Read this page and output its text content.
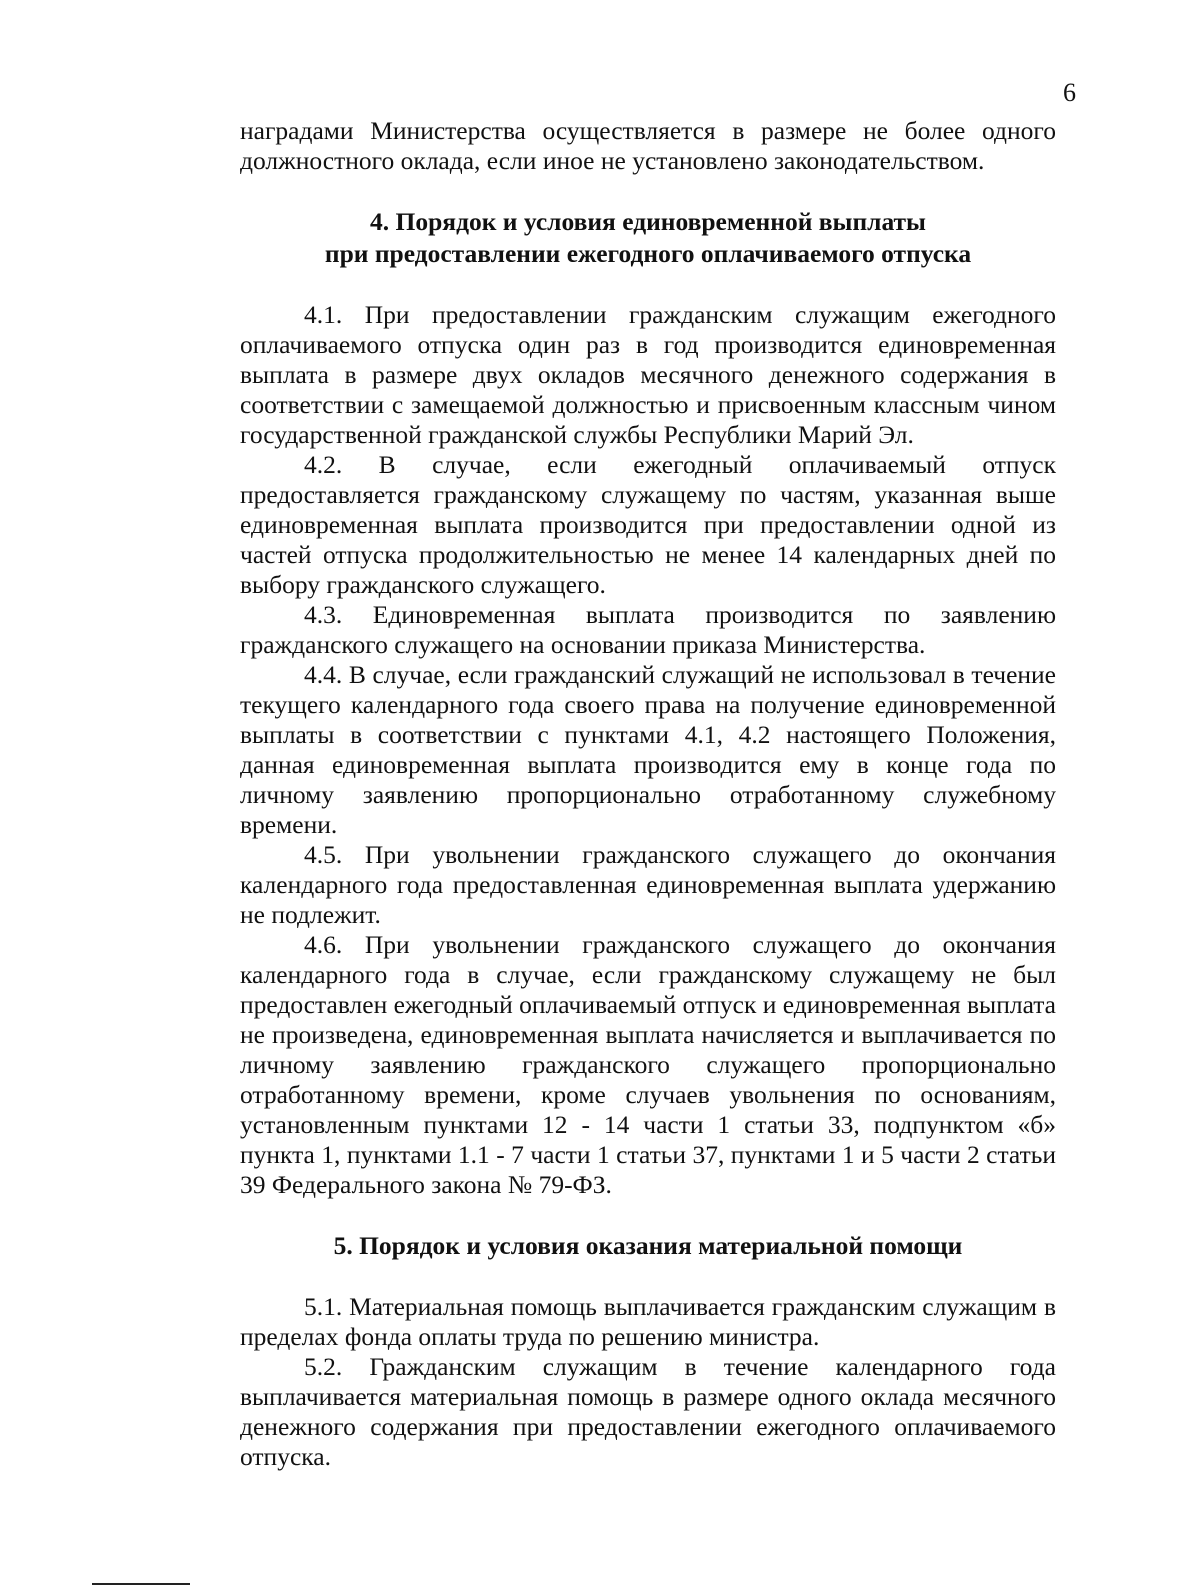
6

наградами Министерства осуществляется в размере не более одного должностного оклада, если иное не установлено законодательством.

4. Порядок и условия единовременной выплаты
при предоставлении ежегодного оплачиваемого отпуска

4.1. При предоставлении гражданским служащим ежегодного оплачиваемого отпуска один раз в год производится единовременная выплата в размере двух окладов месячного денежного содержания в соответствии с замещаемой должностью и присвоенным классным чином государственной гражданской службы Республики Марий Эл.

4.2. В случае, если ежегодный оплачиваемый отпуск предоставляется гражданскому служащему по частям, указанная выше единовременная выплата производится при предоставлении одной из частей отпуска продолжительностью не менее 14 календарных дней по выбору гражданского служащего.

4.3. Единовременная выплата производится по заявлению гражданского служащего на основании приказа Министерства.

4.4. В случае, если гражданский служащий не использовал в течение текущего календарного года своего права на получение единовременной выплаты в соответствии с пунктами 4.1, 4.2 настоящего Положения, данная единовременная выплата производится ему в конце года по личному заявлению пропорционально отработанному служебному времени.

4.5. При увольнении гражданского служащего до окончания календарного года предоставленная единовременная выплата удержанию не подлежит.

4.6. При увольнении гражданского служащего до окончания календарного года в случае, если гражданскому служащему не был предоставлен ежегодный оплачиваемый отпуск и единовременная выплата не произведена, единовременная выплата начисляется и выплачивается по личному заявлению гражданского служащего пропорционально отработанному времени, кроме случаев увольнения по основаниям, установленным пунктами 12 - 14 части 1 статьи 33, подпунктом «б» пункта 1, пунктами 1.1 - 7 части 1 статьи 37, пунктами 1 и 5 части 2 статьи 39 Федерального закона № 79-ФЗ.

5. Порядок и условия оказания материальной помощи

5.1. Материальная помощь выплачивается гражданским служащим в пределах фонда оплаты труда по решению министра.

5.2. Гражданским служащим в течение календарного года выплачивается материальная помощь в размере одного оклада месячного денежного содержания при предоставлении ежегодного оплачиваемого отпуска.
